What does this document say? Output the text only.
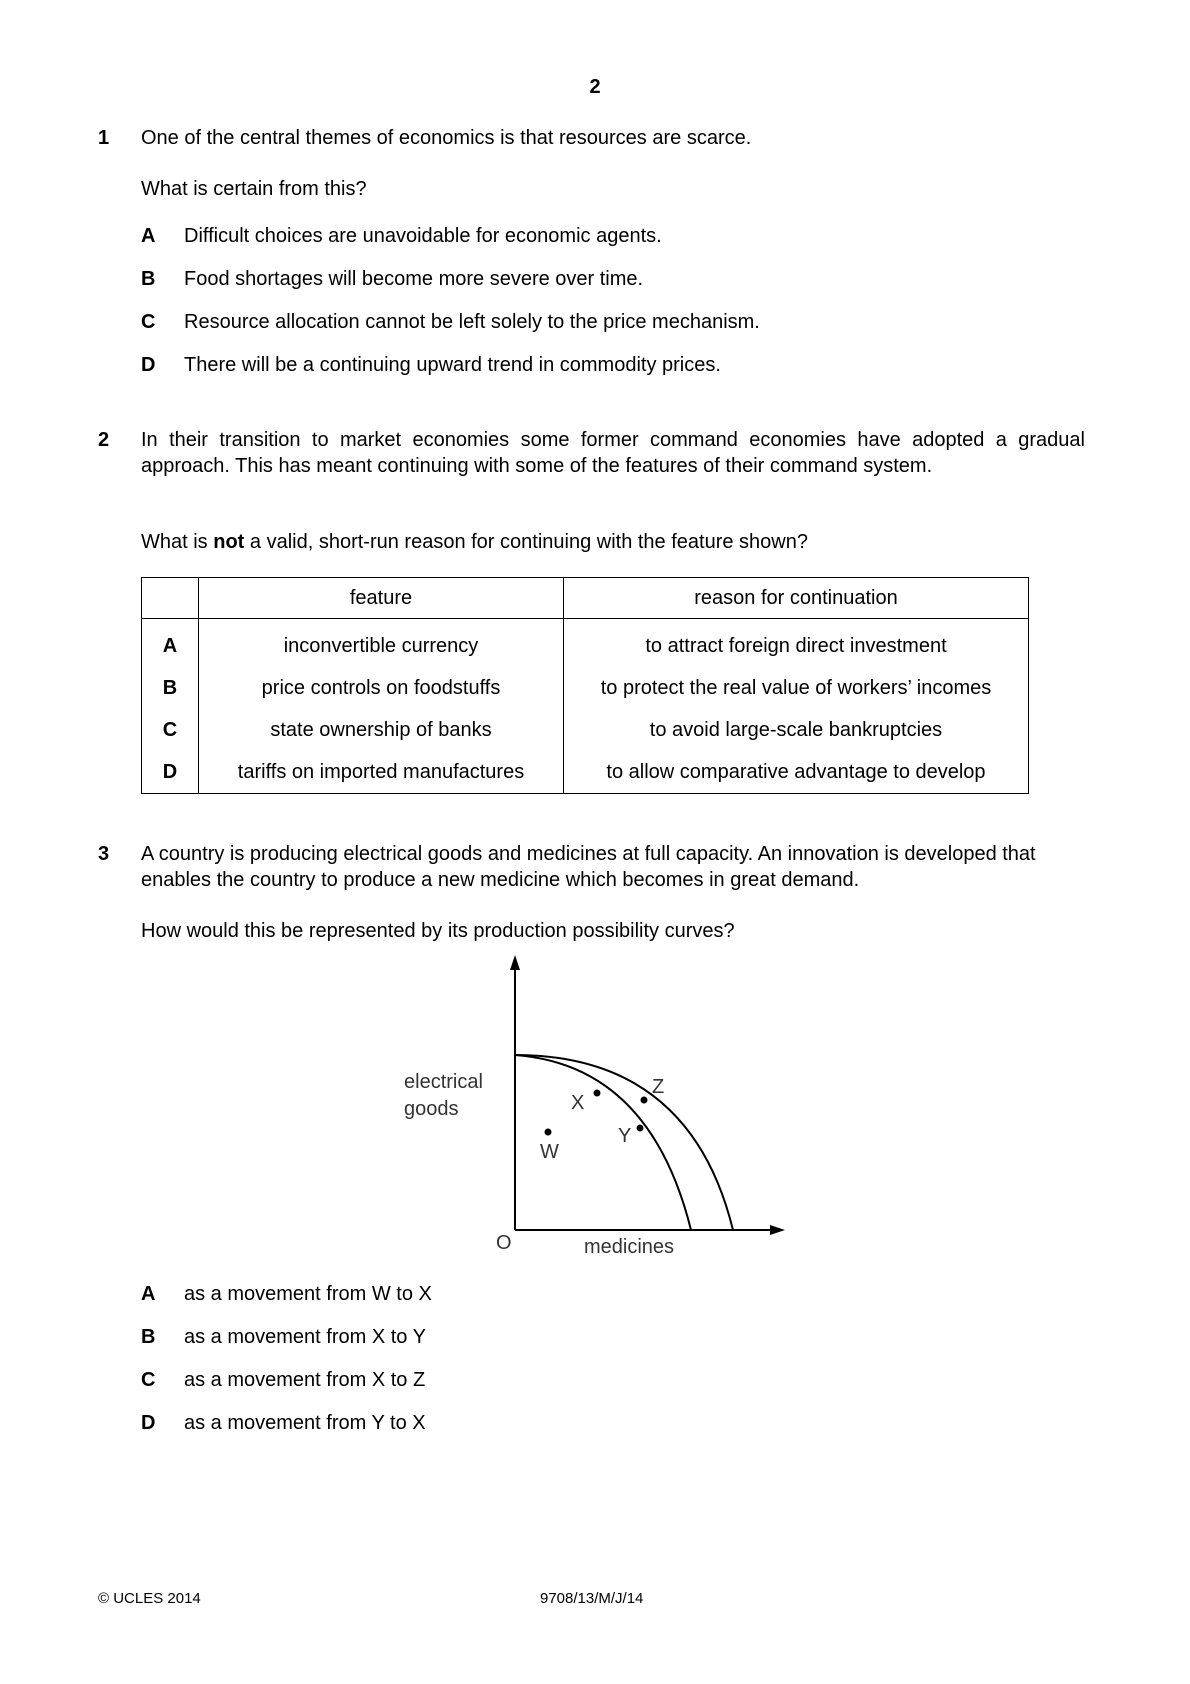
2
1 One of the central themes of economics is that resources are scarce.
What is certain from this?
A Difficult choices are unavoidable for economic agents.
B Food shortages will become more severe over time.
C Resource allocation cannot be left solely to the price mechanism.
D There will be a continuing upward trend in commodity prices.
2 In their transition to market economies some former command economies have adopted a gradual approach. This has meant continuing with some of the features of their command system.
What is not a valid, short-run reason for continuing with the feature shown?
	feature	reason for continuation
A	inconvertible currency	to attract foreign direct investment
B	price controls on foodstuffs	to protect the real value of workers’ incomes
C	state ownership of banks	to avoid large-scale bankruptcies
D	tariffs on imported manufactures	to allow comparative advantage to develop
3 A country is producing electrical goods and medicines at full capacity. An innovation is developed that enables the country to produce a new medicine which becomes in great demand.
How would this be represented by its production possibility curves?
W
X
Y
Z
electrical
goods
O	medicines
A as a movement from W to X
B as a movement from X to Y
C as a movement from X to Z
D as a movement from Y to X
© UCLES 2014	9708/13/M/J/14
